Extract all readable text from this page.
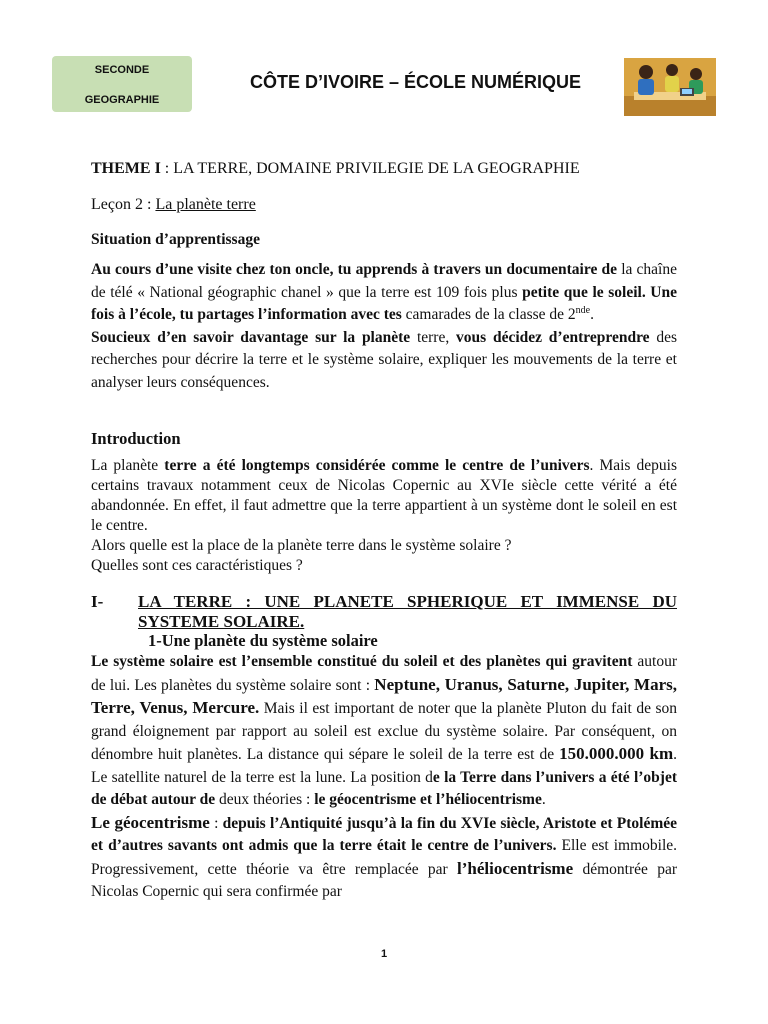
SECONDE
GEOGRAPHIE
CÔTE D’IVOIRE – ÉCOLE NUMÉRIQUE
THEME I : LA TERRE, DOMAINE PRIVILEGIE DE LA GEOGRAPHIE
Leçon 2 : La planète terre
Situation d’apprentissage

Au cours d’une visite chez ton oncle, tu apprends à travers un documentaire de la chaîne de télé « National géographic chanel » que la terre est 109 fois plus petite que le soleil. Une fois à l’école, tu partages l’information avec tes camarades de la classe de 2nde.

Soucieux d’en savoir davantage sur la planète terre, vous décidez d’entreprendre des recherches pour décrire la terre et le système solaire, expliquer les mouvements de la terre et analyser leurs conséquences.

Introduction

La planète terre a été longtemps considérée comme le centre de l’univers. Mais depuis certains travaux notamment ceux de Nicolas Copernic au XVIe siècle cette vérité a été abandonnée. En effet, il faut admettre que la terre appartient à un système dont le soleil en est le centre.

Alors quelle est la place de la planète terre dans le système solaire ?

Quelles sont ces caractéristiques ?

I- LA TERRE : UNE PLANETE SPHERIQUE ET IMMENSE DU SYSTEME SOLAIRE.
1-Une planète du système solaire

Le système solaire est l’ensemble constitué du soleil et des planètes qui gravitent autour de lui. Les planètes du système solaire sont : Neptune, Uranus, Saturne, Jupiter, Mars, Terre, Venus, Mercure. Mais il est important de noter que la planète Pluton du fait de son grand éloignement par rapport au soleil est exclue du système solaire. Par conséquent, on dénombre huit planètes. La distance qui sépare le soleil de la terre est de 150.000.000 km. Le satellite naturel de la terre est la lune. La position de la Terre dans l’univers a été l’objet de débat autour de deux théories : le géocentrisme et l’héliocentrisme.

Le géocentrisme : depuis l’Antiquité jusqu’à la fin du XVIe siècle, Aristote et Ptolémée et d’autres savants ont admis que la terre était le centre de l’univers. Elle est immobile. Progressivement, cette théorie va être remplacée par l’héliocentrisme démontrée par Nicolas Copernic qui sera confirmée par

1
